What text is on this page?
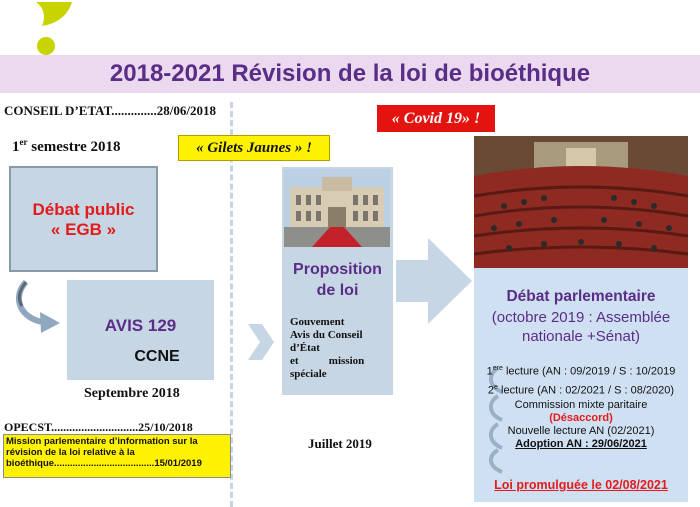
2018-2021 Révision de la loi de bioéthique
CONSEIL D’ETAT..............28/06/2018
1er semestre 2018	« Gilets Jaunes » !
« Covid 19» !
Débat public
« EGB »
AVIS 129
CCNE
Septembre 2018
OPECST.............................25/10/2018
Mission parlementaire d’information sur la révision de la loi relative à la bioéthique......................................15/01/2019
Proposition
de loi
Gouvement
Avis du Conseil
d’État
et           mission
spéciale
Juillet 2019
Débat parlementaire
(octobre 2019 : Assemblée nationale +Sénat)
1ere lecture (AN : 09/2019 / S : 10/2019
2e lecture (AN : 02/2021 / S : 08/2020)
Commission mixte paritaire
(Désaccord)
Nouvelle lecture AN (02/2021)
Adoption AN : 29/06/2021
Loi promulguée le 02/08/2021
